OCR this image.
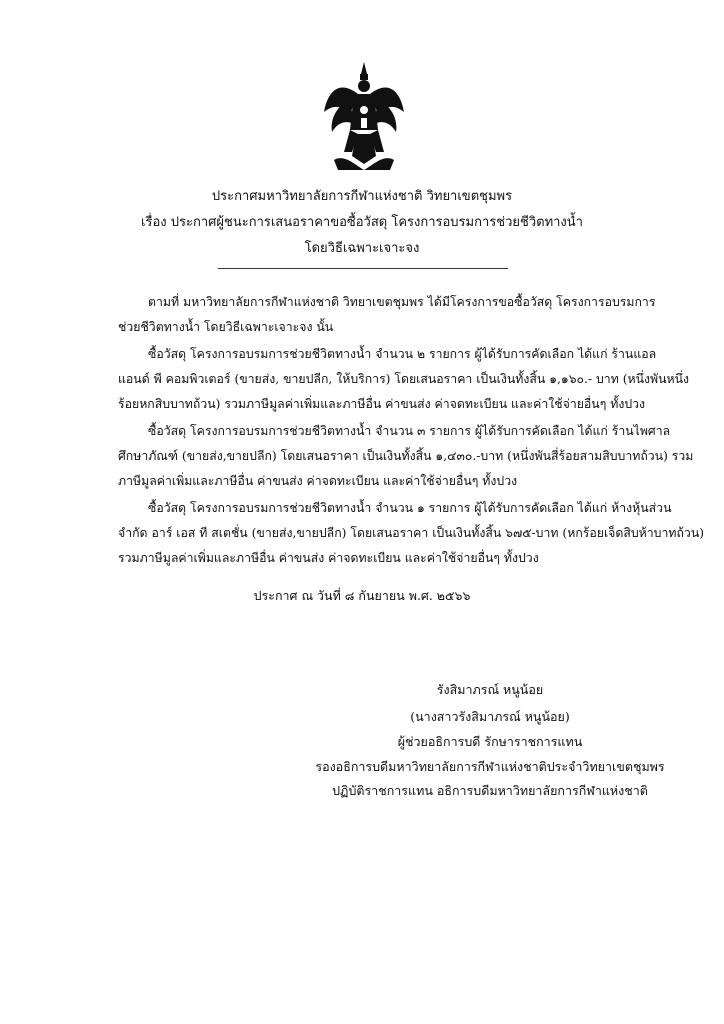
ประกาศมหาวิทยาลัยการกีฬาแห่งชาติ วิทยาเขตชุมพร
เรื่อง ประกาศผู้ชนะการเสนอราคาขอซื้อวัสดุ โครงการอบรมการช่วยชีวิตทางน้ำ
โดยวิธีเฉพาะเจาะจง
ตามที่ มหาวิทยาลัยการกีฬาแห่งชาติ วิทยาเขตชุมพร ได้มีโครงการขอซื้อวัสดุ โครงการอบรมการ
ช่วยชีวิตทางน้ำ โดยวิธีเฉพาะเจาะจง นั้น
ซื้อวัสดุ โครงการอบรมการช่วยชีวิตทางน้ำ จำนวน ๒ รายการ ผู้ได้รับการคัดเลือก ได้แก่ ร้านแอล
แอนด์ พี คอมพิวเตอร์ (ขายส่ง, ขายปลีก, ให้บริการ) โดยเสนอราคา เป็นเงินทั้งสิ้น ๑,๑๖๐.- บาท (หนึ่งพันหนึ่ง
ร้อยหกสิบบาทถ้วน) รวมภาษีมูลค่าเพิ่มและภาษีอื่น ค่าขนส่ง ค่าจดทะเบียน และค่าใช้จ่ายอื่นๆ ทั้งปวง
ซื้อวัสดุ โครงการอบรมการช่วยชีวิตทางน้ำ จำนวน ๓ รายการ ผู้ได้รับการคัดเลือก ได้แก่ ร้านไพศาล
ศึกษาภัณฑ์ (ขายส่ง,ขายปลีก) โดยเสนอราคา เป็นเงินทั้งสิ้น ๑,๔๓๐.-บาท (หนึ่งพันสี่ร้อยสามสิบบาทถ้วน) รวม
ภาษีมูลค่าเพิ่มและภาษีอื่น ค่าขนส่ง ค่าจดทะเบียน และค่าใช้จ่ายอื่นๆ ทั้งปวง
ซื้อวัสดุ โครงการอบรมการช่วยชีวิตทางน้ำ จำนวน ๑ รายการ ผู้ได้รับการคัดเลือก ได้แก่ ห้างหุ้นส่วน
จำกัด อาร์ เอส ที สเตชั่น (ขายส่ง,ขายปลีก) โดยเสนอราคา เป็นเงินทั้งสิ้น ๖๗๕-บาท (หกร้อยเจ็ดสิบห้าบาทถ้วน)
รวมภาษีมูลค่าเพิ่มและภาษีอื่น ค่าขนส่ง ค่าจดทะเบียน และค่าใช้จ่ายอื่นๆ ทั้งปวง
ประกาศ ณ วันที่ ๘ กันยายน พ.ศ. ๒๕๖๖
รังสิมาภรณ์ หนูน้อย
(นางสาวรังสิมาภรณ์ หนูน้อย)
ผู้ช่วยอธิการบดี รักษาราชการแทน
รองอธิการบดีมหาวิทยาลัยการกีฬาแห่งชาติประจำวิทยาเขตชุมพร
ปฏิบัติราชการแทน อธิการบดีมหาวิทยาลัยการกีฬาแห่งชาติ
